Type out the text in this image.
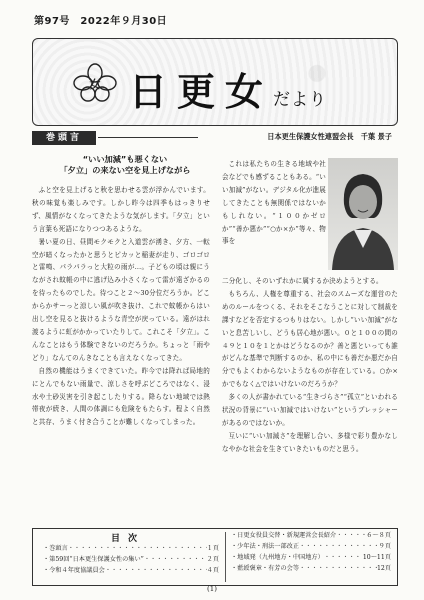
第97号　2022年９月30日
女 日更女だより
巻頭言	日本更生保護女性連盟会長　千葉 景子
“いい加減”も悪くない
「夕立」の来ない空を見上げながら

ふと空を見上げると秋を思わせる雲が浮かんでいます。秋の味覚も楽しみです。しかし昨今は四季もはっきりせず、風情がなくなってきたような気がします。「夕立」という言葉も死語になりつつあるような。

暑い夏の日、昼間モクモクと入道雲が湧き、夕方、一転空が暗くなったかと思うとピカッと稲妻が走り、ゴロゴロと雷鳴、パラパラっと大粒の雨が…。子どもの頃は親にうながされ蚊帳の中に逃げ込み小さくなって雷が遠ざかるのを待ったものでした。待つこと２～30分位だろうか。どこからかサーっと涼しい風が吹き抜け、これで蚊帳からはい出し空を見ると抜けるような青空が戻っている。遠がはれ渡るように虹がかかっていたりして。これこそ「夕立」。こんなことはもう体験できないのだろうか。ちょっと「雨やどり」なんてのんきなことも言えなくなってきた。

自然の機能はうまくできていた。昨今では降れば局地的にとんでもない雨量で、涼しさを呼ぶどころではなく、浸水や土砂災害を引き起こしたりする。降らない地域では熱帯夜が続き、人間の体調にも危険をもたらす。程よく自然と共存、うまく付き合うことが難しくなってしまった。

これは私たちの生きる地域や社会などでも感ずることもある。“いい加減”がない。デジタル化が進展してきたことも無関係ではないかもしれない。“１００かゼロか”“善か悪か”“○か×か”等々、物事を

二分化し、そのいずれかに属するか決めようとする。

もちろん、人権を尊重する、社会のスムーズな運営のためのルールをつくる、それをそこなうことに対して制裁を課すなどを否定するつもりはない。しかし“いい加減”がないと息苦しいし、どうも居心地が悪い。０と１００の間の４９と１０を１とかはどうなるのか？善と悪といっても誰がどんな基準で判断するのか、私の中にも善だか悪だか自分でもよくわからないようなものが存在している。○か×かでもなく△ではいけないのだろうか？

多くの人が書かれている“生きづらさ”“孤立”といわれる状況の背景に“いい加減ではいけない”というプレッシャーがあるのではないか。

互いに“いい加減さ”を理解し合い、多様で彩り豊かなしなやかな社会を生きていきたいものだと思う。

目次
・巻頭言 ・・・・・・・・・・・・・・・・・・・・・・・・・・・・・・・・・・・・	１頁
・第59回“日本更生保護女性の集い” ・・・・・・・・・・・・・・・・・・・・・・・・・・・・・・・・・・・・	２頁
・令和４年度協議員会 ・・・・・・・・・・・・・・・・・・・・・・・・・・・・・・・・・・・・	４頁
・日更女役員交替・新規運営会長紹介 ・・・・・・・・・・・・・・・・・・・・・・・・・・・・・・・・・・・・	６～８頁
・少年法・刑法一部改正 ・・・・・・・・・・・・・・・・・・・・・・・・・・・・・・・・・・・・	９頁
・地域発（九州地方・中国地方） ・・・・・・・・・・・・・・・・・・・・・・・・・・・・・・・・・・・・	10～11頁
・藍綬褒章・有芳の会等 ・・・・・・・・・・・・・・・・・・・・・・・・・・・・・・・・・・・・	12頁
(1)
